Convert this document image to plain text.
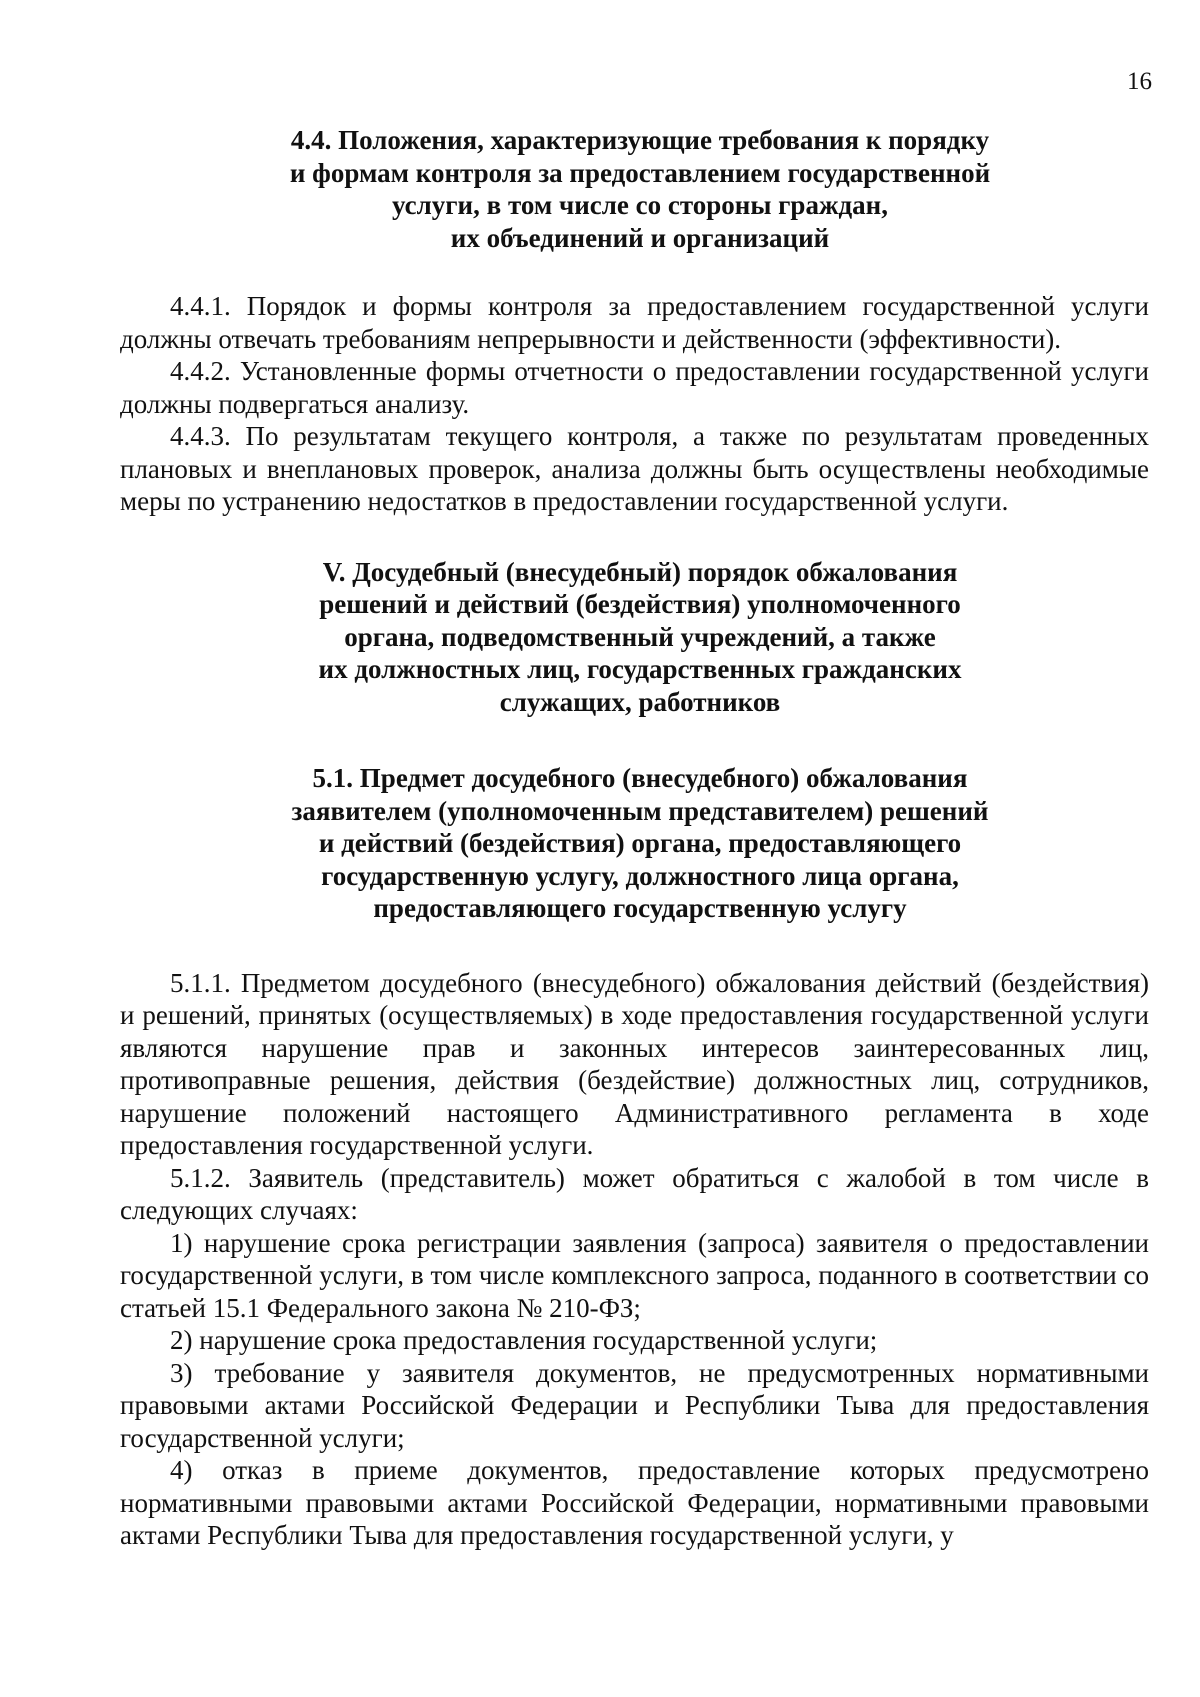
16
4.4. Положения, характеризующие требования к порядку
и формам контроля за предоставлением государственной
услуги, в том числе со стороны граждан,
их объединений и организаций

4.4.1. Порядок и формы контроля за предоставлением государственной услуги должны отвечать требованиям непрерывности и действенности (эффективности).

4.4.2. Установленные формы отчетности о предоставлении государственной услуги должны подвергаться анализу.

4.4.3. По результатам текущего контроля, а также по результатам проведенных плановых и внеплановых проверок, анализа должны быть осуществлены необходимые меры по устранению недостатков в предоставлении государственной услуги.

V. Досудебный (внесудебный) порядок обжалования
решений и действий (бездействия) уполномоченного
органа, подведомственный учреждений, а также
их должностных лиц, государственных гражданских
служащих, работников
5.1. Предмет досудебного (внесудебного) обжалования
заявителем (уполномоченным представителем) решений
и действий (бездействия) органа, предоставляющего
государственную услугу, должностного лица органа,
предоставляющего государственную услугу

5.1.1. Предметом досудебного (внесудебного) обжалования действий (бездействия) и решений, принятых (осуществляемых) в ходе предоставления государственной услуги являются нарушение прав и законных интересов заинтересованных лиц, противоправные решения, действия (бездействие) должностных лиц, сотрудников, нарушение положений настоящего Административного регламента в ходе предоставления государственной услуги.

5.1.2. Заявитель (представитель) может обратиться с жалобой в том числе в следующих случаях:

1) нарушение срока регистрации заявления (запроса) заявителя о предоставлении государственной услуги, в том числе комплексного запроса, поданного в соответствии со статьей 15.1 Федерального закона № 210-ФЗ;

2) нарушение срока предоставления государственной услуги;

3) требование у заявителя документов, не предусмотренных нормативными правовыми актами Российской Федерации и Республики Тыва для предоставления государственной услуги;

4) отказ в приеме документов, предоставление которых предусмотрено нормативными правовыми актами Российской Федерации, нормативными правовыми актами Республики Тыва для предоставления государственной услуги, у
